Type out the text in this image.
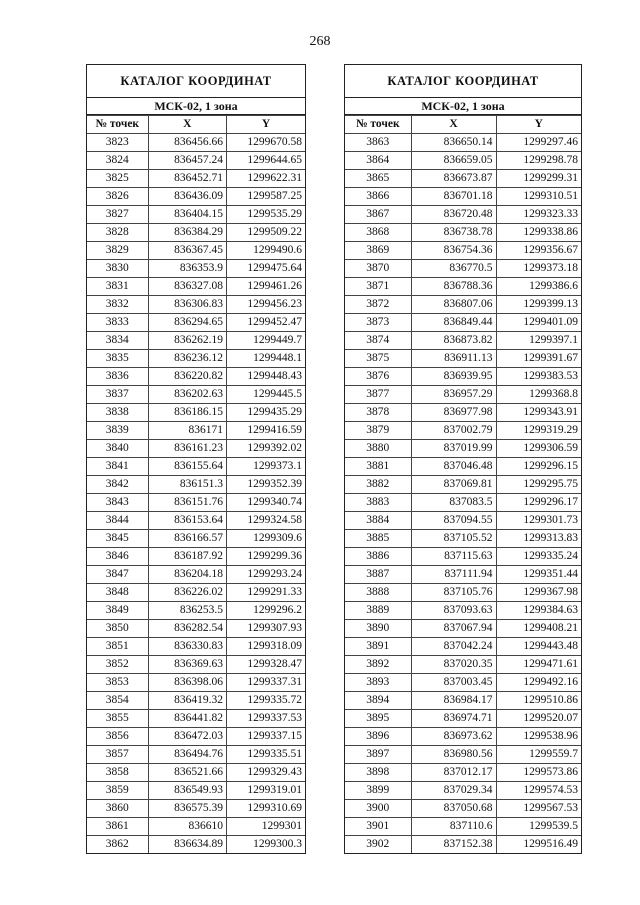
268
КАТАЛОГ КООРДИНАТ
МСК-02, 1 зона
№ точек	X	Y
3823	836456.66	1299670.58
3824	836457.24	1299644.65
3825	836452.71	1299622.31
3826	836436.09	1299587.25
3827	836404.15	1299535.29
3828	836384.29	1299509.22
3829	836367.45	1299490.6
3830	836353.9	1299475.64
3831	836327.08	1299461.26
3832	836306.83	1299456.23
3833	836294.65	1299452.47
3834	836262.19	1299449.7
3835	836236.12	1299448.1
3836	836220.82	1299448.43
3837	836202.63	1299445.5
3838	836186.15	1299435.29
3839	836171	1299416.59
3840	836161.23	1299392.02
3841	836155.64	1299373.1
3842	836151.3	1299352.39
3843	836151.76	1299340.74
3844	836153.64	1299324.58
3845	836166.57	1299309.6
3846	836187.92	1299299.36
3847	836204.18	1299293.24
3848	836226.02	1299291.33
3849	836253.5	1299296.2
3850	836282.54	1299307.93
3851	836330.83	1299318.09
3852	836369.63	1299328.47
3853	836398.06	1299337.31
3854	836419.32	1299335.72
3855	836441.82	1299337.53
3856	836472.03	1299337.15
3857	836494.76	1299335.51
3858	836521.66	1299329.43
3859	836549.93	1299319.01
3860	836575.39	1299310.69
3861	836610	1299301
3862	836634.89	1299300.3
КАТАЛОГ КООРДИНАТ
МСК-02, 1 зона
№ точек	X	Y
3863	836650.14	1299297.46
3864	836659.05	1299298.78
3865	836673.87	1299299.31
3866	836701.18	1299310.51
3867	836720.48	1299323.33
3868	836738.78	1299338.86
3869	836754.36	1299356.67
3870	836770.5	1299373.18
3871	836788.36	1299386.6
3872	836807.06	1299399.13
3873	836849.44	1299401.09
3874	836873.82	1299397.1
3875	836911.13	1299391.67
3876	836939.95	1299383.53
3877	836957.29	1299368.8
3878	836977.98	1299343.91
3879	837002.79	1299319.29
3880	837019.99	1299306.59
3881	837046.48	1299296.15
3882	837069.81	1299295.75
3883	837083.5	1299296.17
3884	837094.55	1299301.73
3885	837105.52	1299313.83
3886	837115.63	1299335.24
3887	837111.94	1299351.44
3888	837105.76	1299367.98
3889	837093.63	1299384.63
3890	837067.94	1299408.21
3891	837042.24	1299443.48
3892	837020.35	1299471.61
3893	837003.45	1299492.16
3894	836984.17	1299510.86
3895	836974.71	1299520.07
3896	836973.62	1299538.96
3897	836980.56	1299559.7
3898	837012.17	1299573.86
3899	837029.34	1299574.53
3900	837050.68	1299567.53
3901	837110.6	1299539.5
3902	837152.38	1299516.49
